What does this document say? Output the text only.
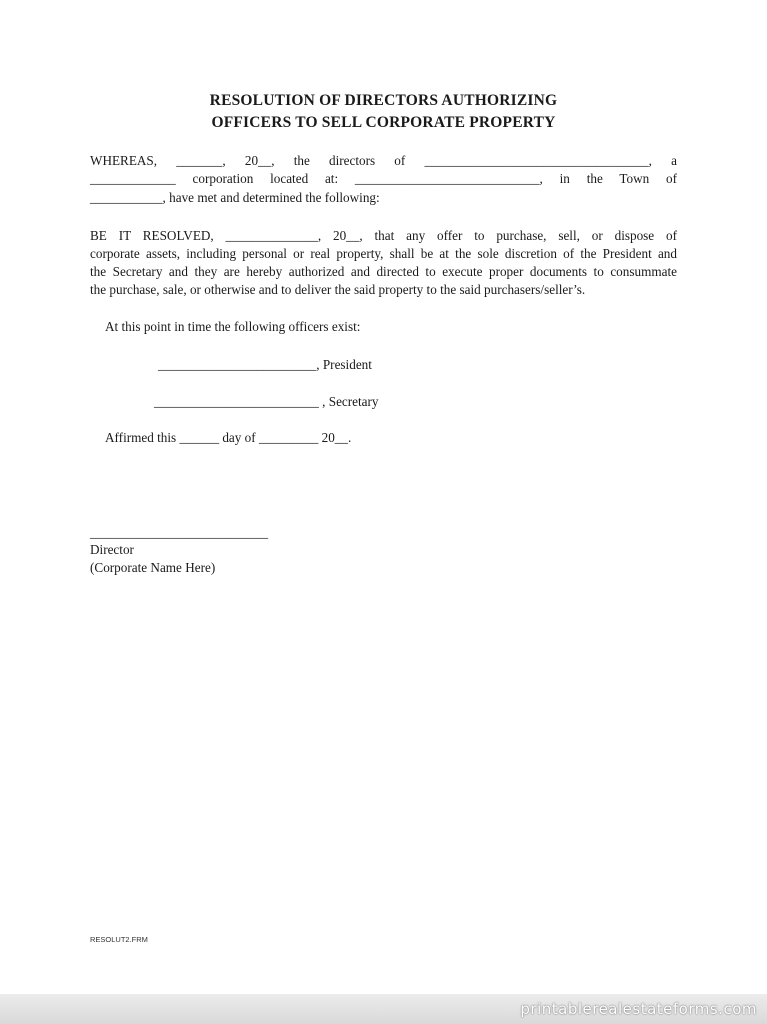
RESOLUTION OF DIRECTORS AUTHORIZING

OFFICERS TO SELL CORPORATE PROPERTY

WHEREAS, _______, 20__, the directors of __________________________________, a

_____________ corporation located at: ____________________________, in the Town of

___________, have met and determined the following:

BE IT RESOLVED, ______________, 20__, that any offer to purchase, sell, or dispose of

corporate assets, including personal or real property, shall be at the sole discretion of the President and

the Secretary and they are hereby authorized and directed to execute proper documents to consummate

the purchase, sale, or otherwise and to deliver the said property to the said purchasers/seller’s.

At this point in time the following officers exist:

________________________, President

_________________________ , Secretary

Affirmed this ______ day of _________ 20__.

___________________________

Director

(Corporate Name Here)

RESOLUT2.FRM

printablerealestateforms.com
